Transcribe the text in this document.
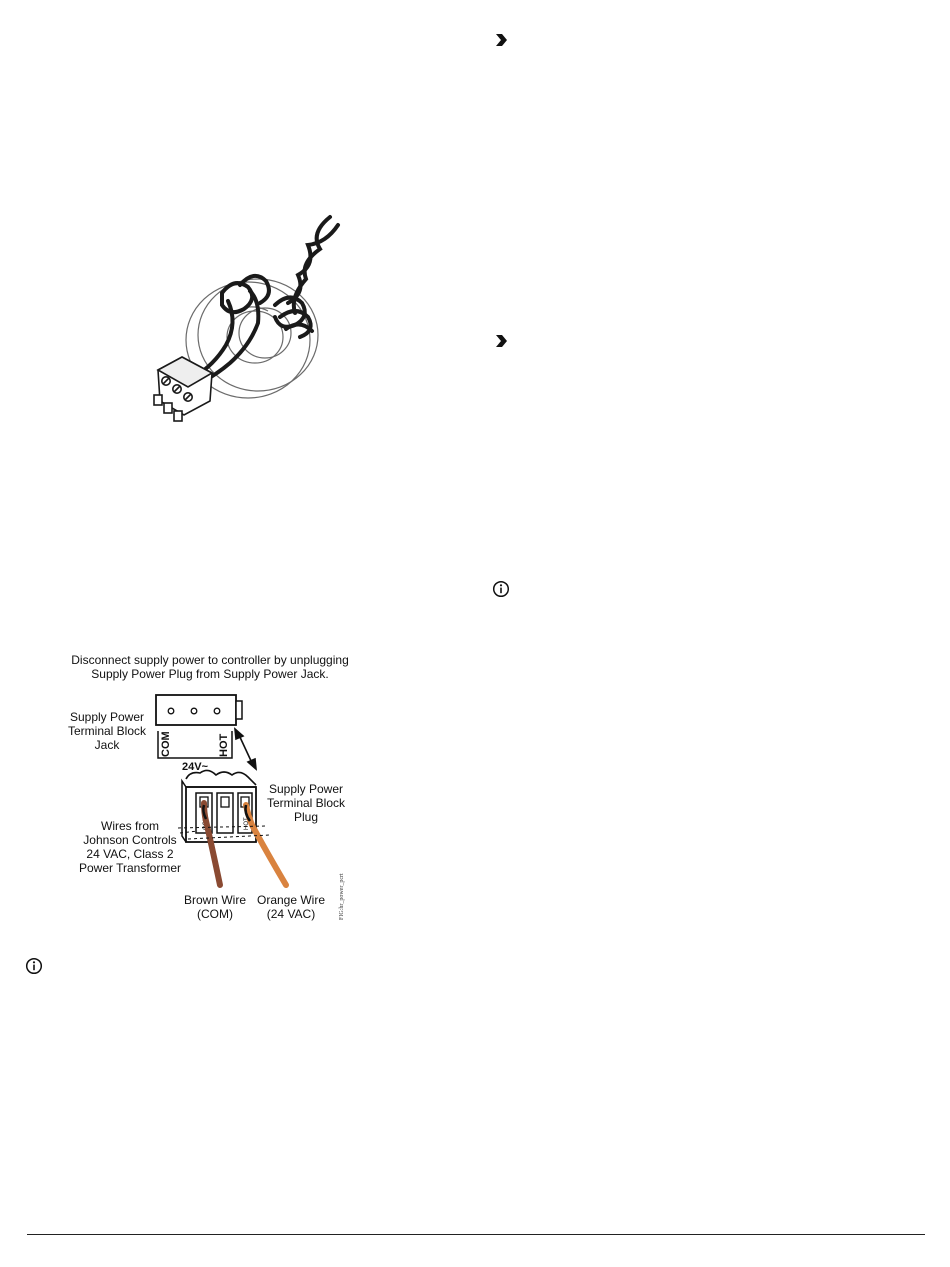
Disconnect supply power to controller by unplugging
Supply Power Plug from Supply Power Jack.
COM	HOT
24V~
Supply Power
Terminal Block
Jack
COM	HOT
Supply Power
Terminal Block
Plug
Wires from
Johnson Controls
24 VAC, Class 2
Power Transformer
Brown Wire
(COM)
Orange Wire
(24 VAC)	FIG:hr_power_pcrt
